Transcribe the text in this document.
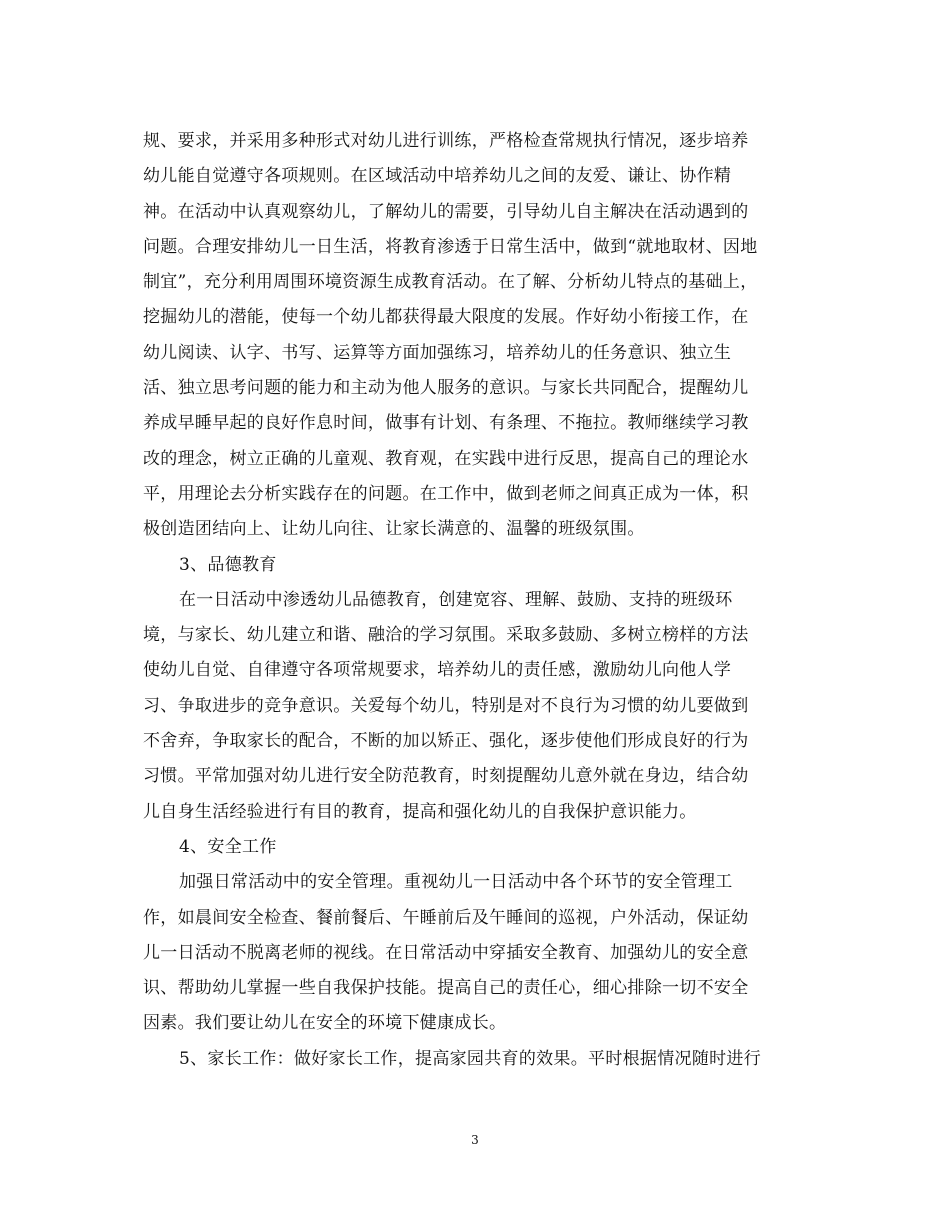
规、要求，并采用多种形式对幼儿进行训练，严格检查常规执行情况，逐步培养
幼儿能自觉遵守各项规则。在区域活动中培养幼儿之间的友爱、谦让、协作精
神。在活动中认真观察幼儿，了解幼儿的需要，引导幼儿自主解决在活动遇到的
问题。合理安排幼儿一日生活，将教育渗透于日常生活中，做到“就地取材、因地
制宜”，充分利用周围环境资源生成教育活动。在了解、分析幼儿特点的基础上，
挖掘幼儿的潜能，使每一个幼儿都获得最大限度的发展。作好幼小衔接工作，在
幼儿阅读、认字、书写、运算等方面加强练习，培养幼儿的任务意识、独立生
活、独立思考问题的能力和主动为他人服务的意识。与家长共同配合，提醒幼儿
养成早睡早起的良好作息时间，做事有计划、有条理、不拖拉。教师继续学习教
改的理念，树立正确的儿童观、教育观，在实践中进行反思，提高自己的理论水
平，用理论去分析实践存在的问题。在工作中，做到老师之间真正成为一体，积
极创造团结向上、让幼儿向往、让家长满意的、温馨的班级氛围。
3、品德教育
在一日活动中渗透幼儿品德教育，创建宽容、理解、鼓励、支持的班级环
境，与家长、幼儿建立和谐、融洽的学习氛围。采取多鼓励、多树立榜样的方法
使幼儿自觉、自律遵守各项常规要求，培养幼儿的责任感，激励幼儿向他人学
习、争取进步的竞争意识。关爱每个幼儿，特别是对不良行为习惯的幼儿要做到
不舍弃，争取家长的配合，不断的加以矫正、强化，逐步使他们形成良好的行为
习惯。平常加强对幼儿进行安全防范教育，时刻提醒幼儿意外就在身边，结合幼
儿自身生活经验进行有目的教育，提高和强化幼儿的自我保护意识能力。
4、安全工作
加强日常活动中的安全管理。重视幼儿一日活动中各个环节的安全管理工
作，如晨间安全检查、餐前餐后、午睡前后及午睡间的巡视，户外活动，保证幼
儿一日活动不脱离老师的视线。在日常活动中穿插安全教育、加强幼儿的安全意
识、帮助幼儿掌握一些自我保护技能。提高自己的责任心，细心排除一切不安全
因素。我们要让幼儿在安全的环境下健康成长。
5、家长工作：做好家长工作，提高家园共育的效果。平时根据情况随时进行
3
